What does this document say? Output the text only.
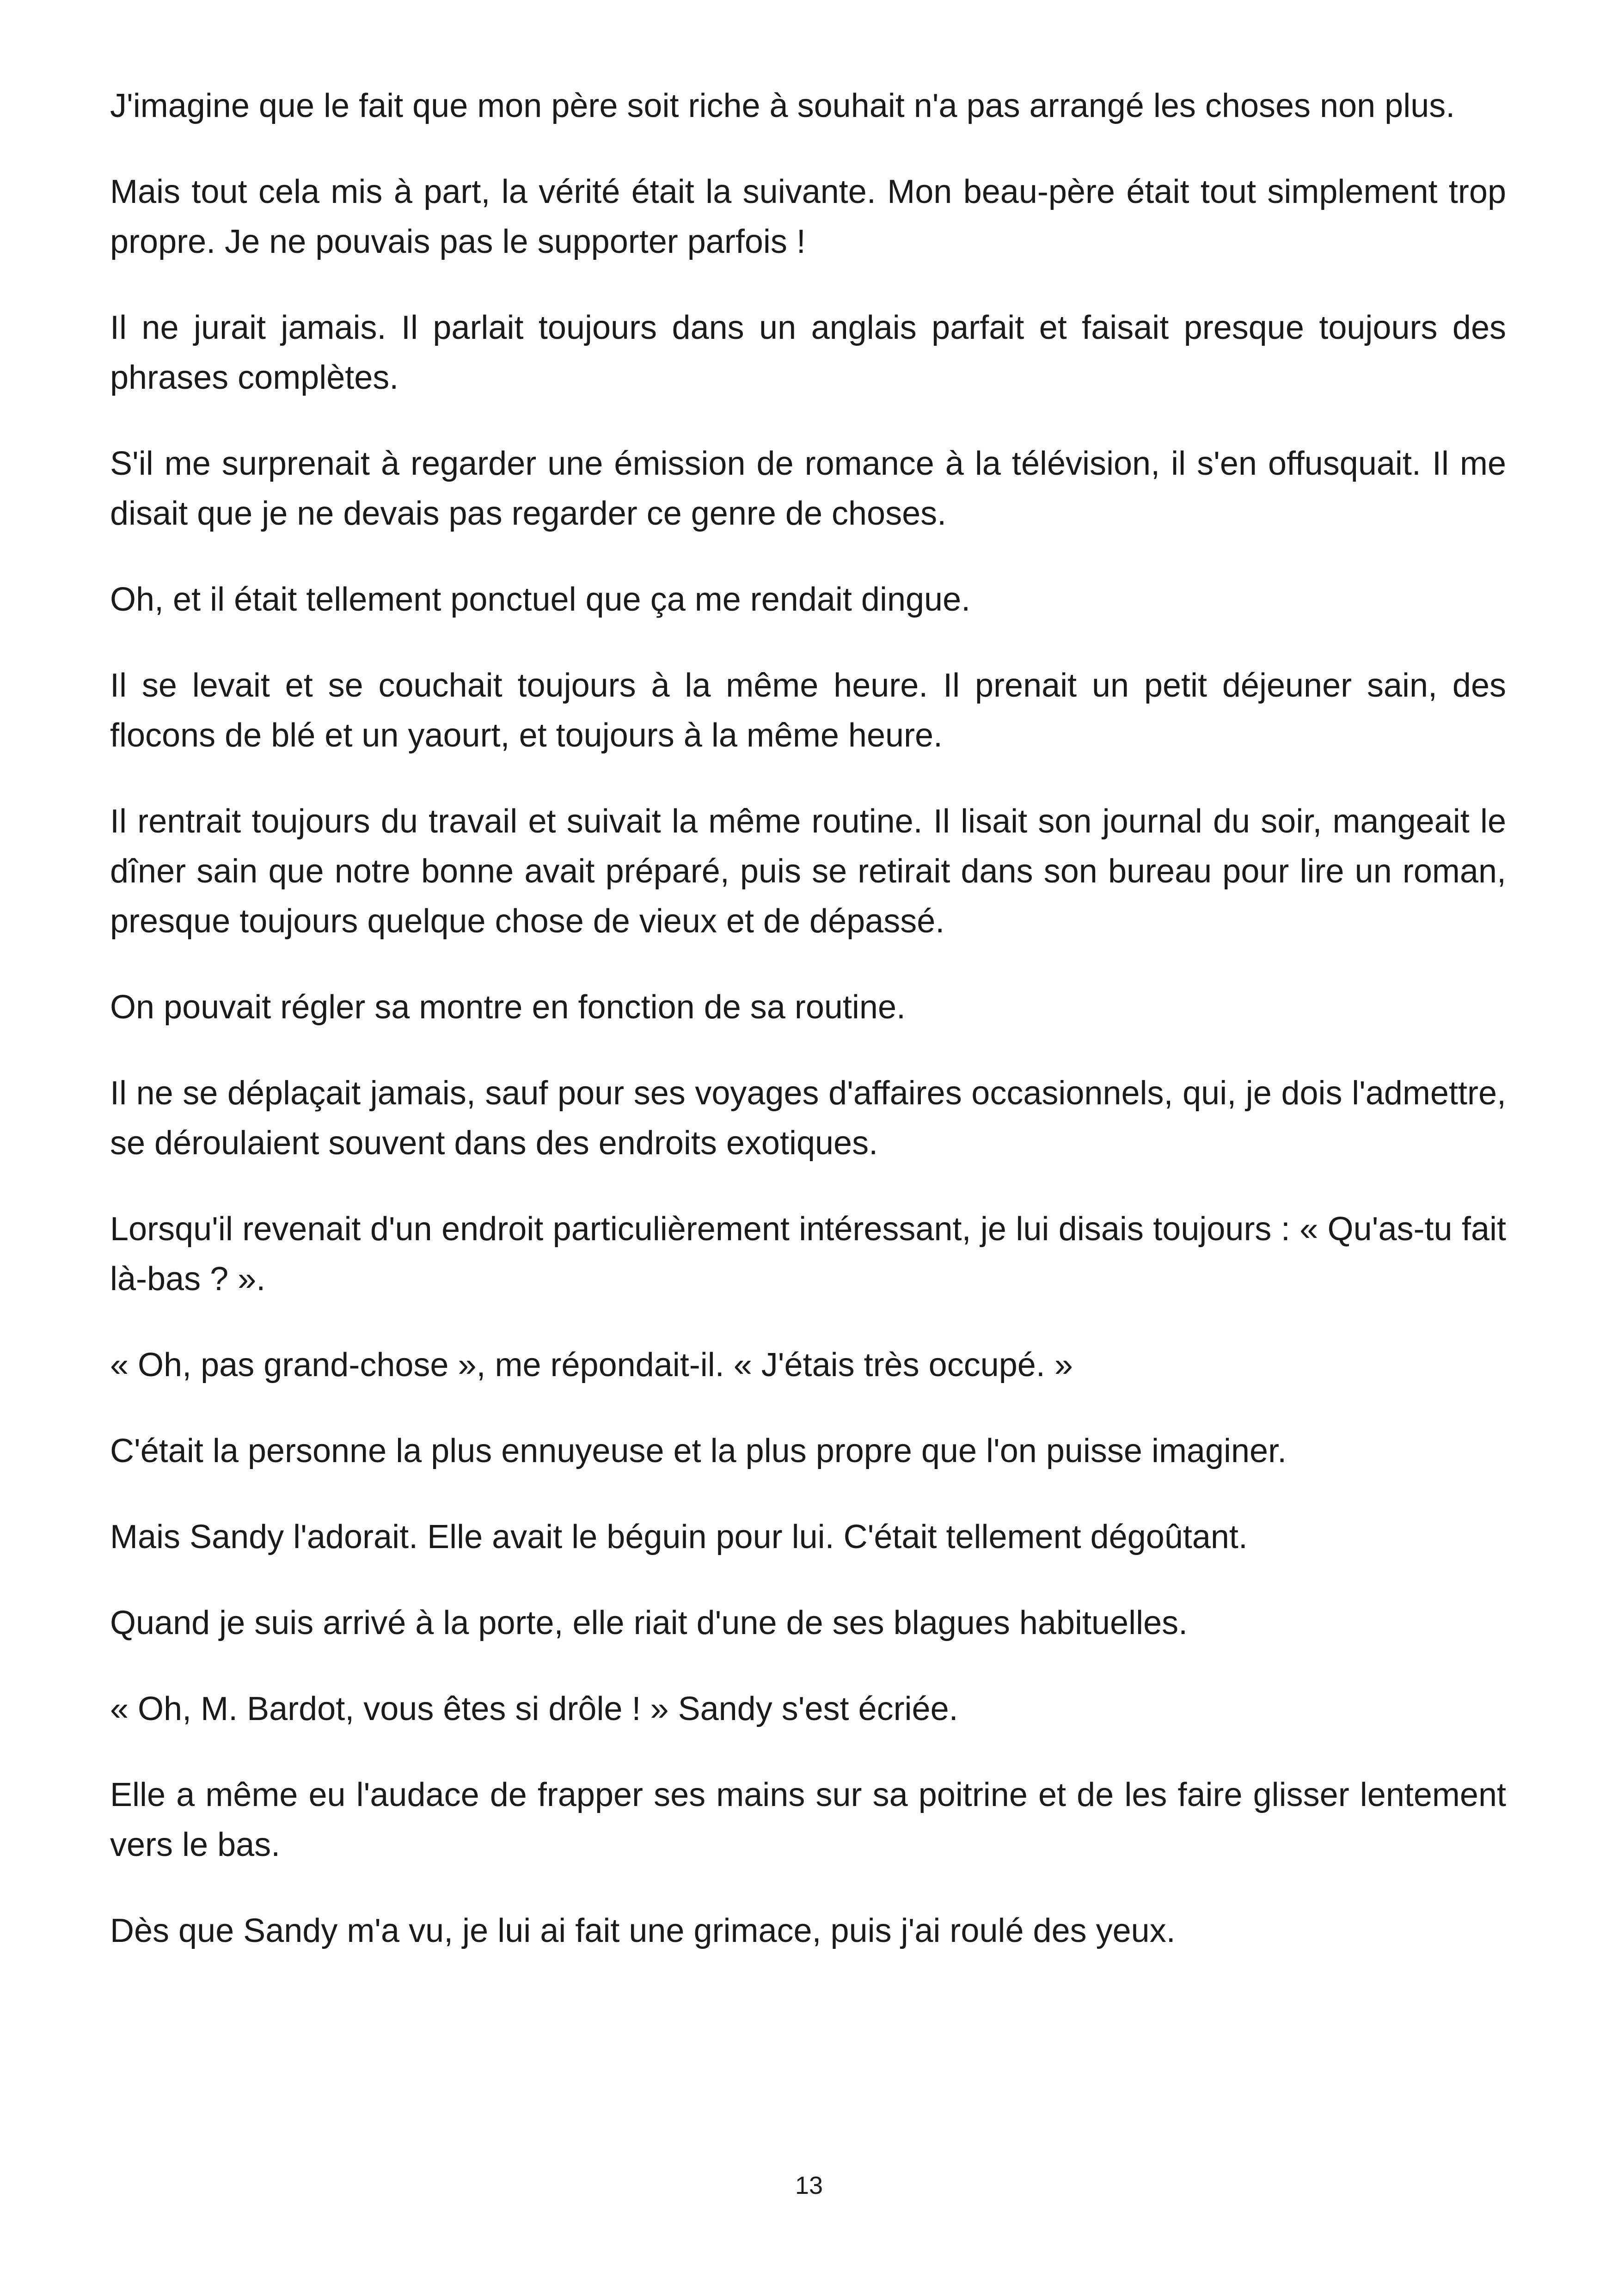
J'imagine que le fait que mon père soit riche à souhait n'a pas arrangé les choses non plus.

Mais tout cela mis à part, la vérité était la suivante. Mon beau-père était tout simplement trop propre. Je ne pouvais pas le supporter parfois !

Il ne jurait jamais. Il parlait toujours dans un anglais parfait et faisait presque toujours des phrases complètes.

S'il me surprenait à regarder une émission de romance à la télévision, il s'en offusquait. Il me disait que je ne devais pas regarder ce genre de choses.

Oh, et il était tellement ponctuel que ça me rendait dingue.

Il se levait et se couchait toujours à la même heure. Il prenait un petit déjeuner sain, des flocons de blé et un yaourt, et toujours à la même heure.

Il rentrait toujours du travail et suivait la même routine. Il lisait son journal du soir, mangeait le dîner sain que notre bonne avait préparé, puis se retirait dans son bureau pour lire un roman, presque toujours quelque chose de vieux et de dépassé.

On pouvait régler sa montre en fonction de sa routine.

Il ne se déplaçait jamais, sauf pour ses voyages d'affaires occasionnels, qui, je dois l'admettre, se déroulaient souvent dans des endroits exotiques.

Lorsqu'il revenait d'un endroit particulièrement intéressant, je lui disais toujours : « Qu'as-tu fait là-bas ? ».

« Oh, pas grand-chose », me répondait-il. « J'étais très occupé. »

C'était la personne la plus ennuyeuse et la plus propre que l'on puisse imaginer.

Mais Sandy l'adorait. Elle avait le béguin pour lui. C'était tellement dégoûtant.

Quand je suis arrivé à la porte, elle riait d'une de ses blagues habituelles.

« Oh, M. Bardot, vous êtes si drôle ! » Sandy s'est écriée.

Elle a même eu l'audace de frapper ses mains sur sa poitrine et de les faire glisser lentement vers le bas.

Dès que Sandy m'a vu, je lui ai fait une grimace, puis j'ai roulé des yeux.

13
